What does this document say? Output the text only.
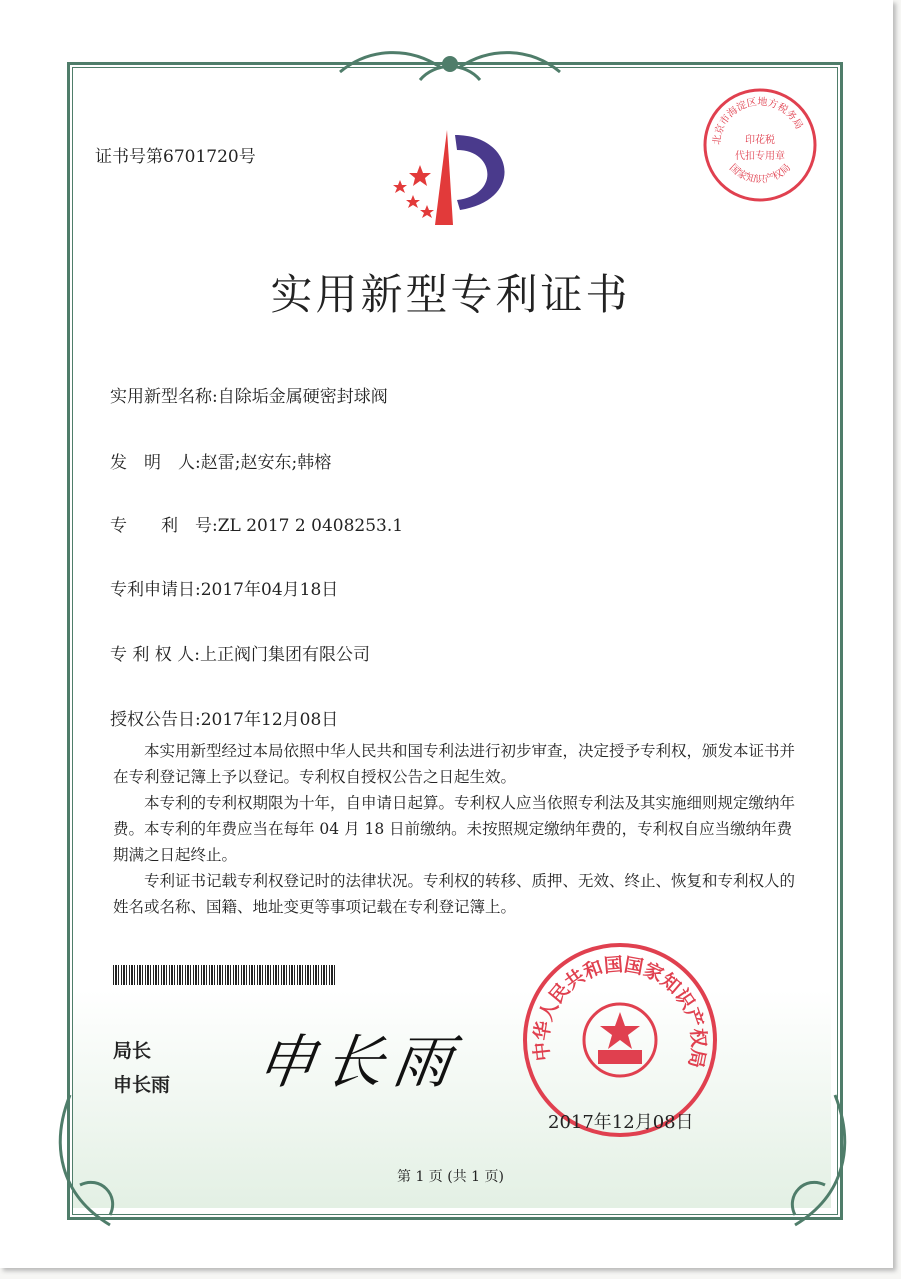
证书号第6701720号
北京市海淀区地方税务局
国家知识产权局
印花税
代扣专用章
实用新型专利证书
实用新型名称:自除垢金属硬密封球阀
发　明　人:赵雷;赵安东;韩榕
专　　利　号:ZL 2017 2 0408253.1
专利申请日:2017年04月18日
专 利 权 人:上正阀门集团有限公司
授权公告日:2017年12月08日

本实用新型经过本局依照中华人民共和国专利法进行初步审查，决定授予专利权，颁发本证书并在专利登记簿上予以登记。专利权自授权公告之日起生效。

本专利的专利权期限为十年，自申请日起算。专利权人应当依照专利法及其实施细则规定缴纳年费。本专利的年费应当在每年 04 月 18 日前缴纳。未按照规定缴纳年费的，专利权自应当缴纳年费期满之日起终止。

专利证书记载专利权登记时的法律状况。专利权的转移、质押、无效、终止、恢复和专利权人的姓名或名称、国籍、地址变更等事项记载在专利登记簿上。

局长
申长雨 申长雨	中华人民共和国国家知识产权局
2017年12月08日
第 1 页 (共 1 页)
